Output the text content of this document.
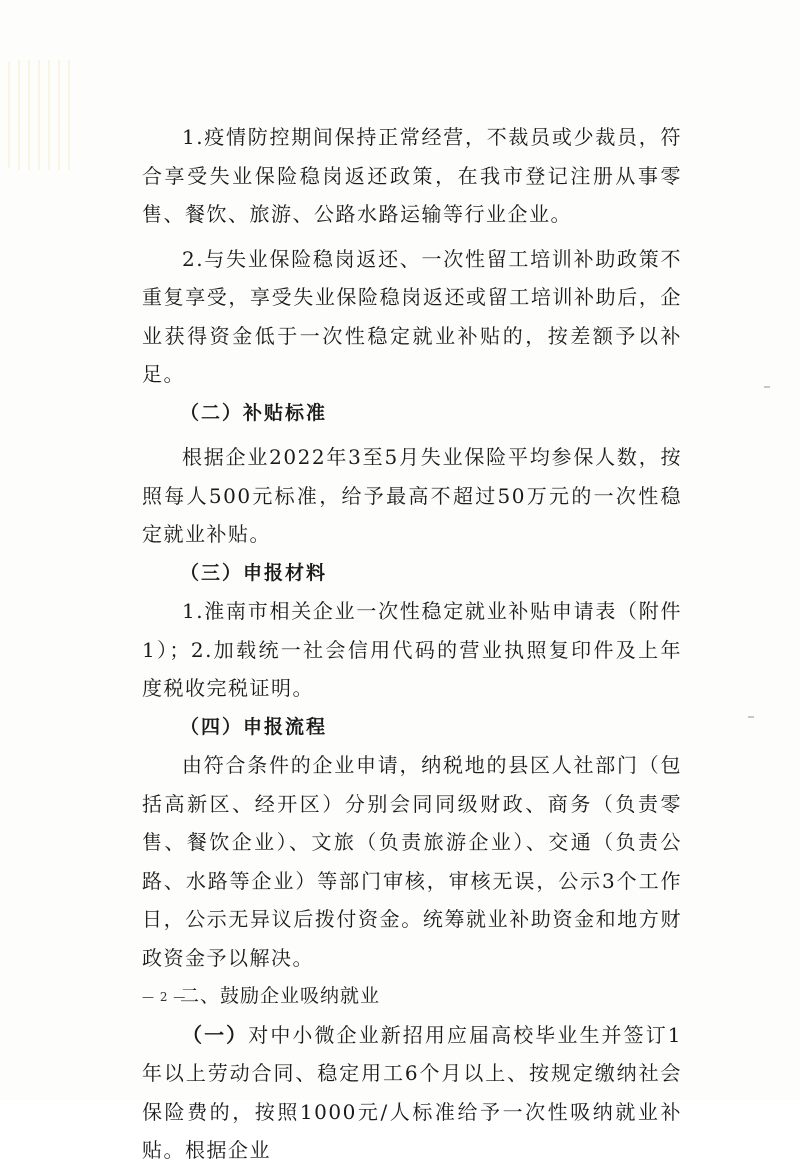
1.疫情防控期间保持正常经营，不裁员或少裁员，符合享受失业保险稳岗返还政策，在我市登记注册从事零售、餐饮、旅游、公路水路运输等行业企业。

2.与失业保险稳岗返还、一次性留工培训补助政策不重复享受，享受失业保险稳岗返还或留工培训补助后，企业获得资金低于一次性稳定就业补贴的，按差额予以补足。

（二）补贴标准

根据企业2022年3至5月失业保险平均参保人数，按照每人500元标准，给予最高不超过50万元的一次性稳定就业补贴。

（三）申报材料

1.淮南市相关企业一次性稳定就业补贴申请表（附件1）；2.加载统一社会信用代码的营业执照复印件及上年度税收完税证明。

（四）申报流程

由符合条件的企业申请，纳税地的县区人社部门（包括高新区、经开区）分别会同同级财政、商务（负责零售、餐饮企业）、文旅（负责旅游企业）、交通（负责公路、水路等企业）等部门审核，审核无误，公示3个工作日，公示无异议后拨付资金。统筹就业补助资金和地方财政资金予以解决。

二、鼓励企业吸纳就业

（一）对中小微企业新招用应届高校毕业生并签订1年以上劳动合同、稳定用工6个月以上、按规定缴纳社会保险费的，按照1000元/人标准给予一次性吸纳就业补贴。根据企业

— 2 —
